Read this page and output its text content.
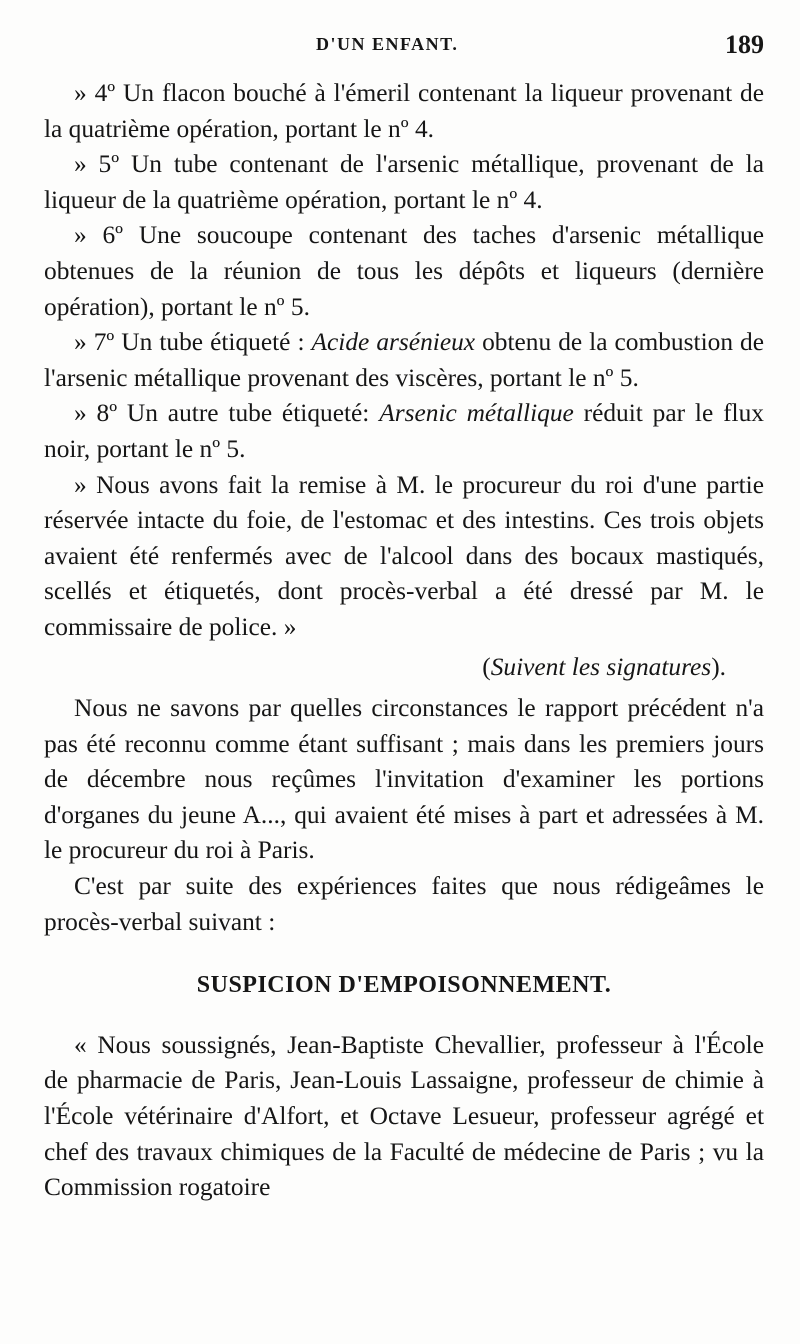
D'UN ENFANT.	189

» 4º Un flacon bouché à l'émeril contenant la liqueur provenant de la quatrième opération, portant le nº 4.

» 5º Un tube contenant de l'arsenic métallique, provenant de la liqueur de la quatrième opération, portant le nº 4.

» 6º Une soucoupe contenant des taches d'arsenic métallique obtenues de la réunion de tous les dépôts et liqueurs (dernière opération), portant le nº 5.

» 7º Un tube étiqueté : Acide arsénieux obtenu de la combustion de l'arsenic métallique provenant des viscères, portant le nº 5.

» 8º Un autre tube étiqueté: Arsenic métallique réduit par le flux noir, portant le nº 5.

» Nous avons fait la remise à M. le procureur du roi d'une partie réservée intacte du foie, de l'estomac et des intestins. Ces trois objets avaient été renfermés avec de l'alcool dans des bocaux mastiqués, scellés et étiquetés, dont procès-verbal a été dressé par M. le commissaire de police. »

(Suivent les signatures).

Nous ne savons par quelles circonstances le rapport précédent n'a pas été reconnu comme étant suffisant ; mais dans les premiers jours de décembre nous reçûmes l'invitation d'examiner les portions d'organes du jeune A..., qui avaient été mises à part et adressées à M. le procureur du roi à Paris.

C'est par suite des expériences faites que nous rédigeâmes le procès-verbal suivant :

SUSPICION D'EMPOISONNEMENT.

« Nous soussignés, Jean-Baptiste Chevallier, professeur à l'École de pharmacie de Paris, Jean-Louis Lassaigne, professeur de chimie à l'École vétérinaire d'Alfort, et Octave Lesueur, professeur agrégé et chef des travaux chimiques de la Faculté de médecine de Paris ; vu la Commission rogatoire
